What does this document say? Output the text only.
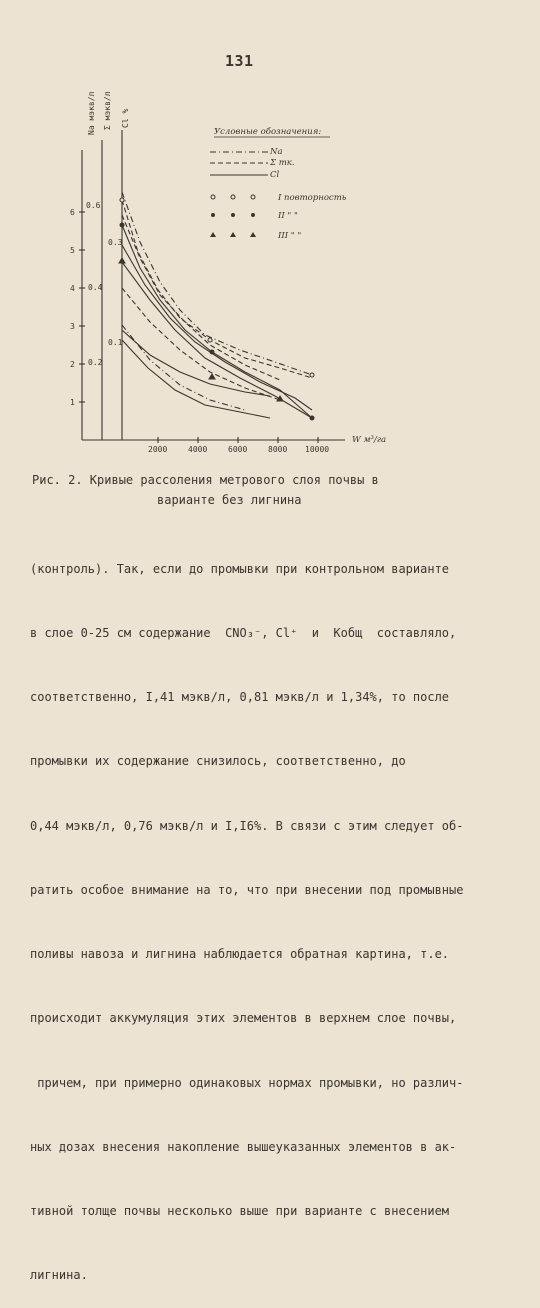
131
Na мэкв/л Σ мэкв/л Cl %
1
2
3
4
5
6
0.1
0.2
0.4
0.3
0.6
2000	4000	6000	8000 10000
W м³/га
Условные обозначения:
Na
Σ тк.
Cl
I повторность
II " "
III " "
Рис. 2. Кривые рассоления метрового слоя почвы в
варианте без лигнина

(контроль). Так, если до промывки при контрольном варианте

в слое 0-25 см содержание  CNO₃⁻, Cl⁺  и  Kобщ  составляло,

соответственно, I,41 мэкв/л, 0,81 мэкв/л и 1,34%, то после

промывки их содержание снизилось, соответственно, до

0,44 мэкв/л, 0,76 мэкв/л и I,I6%. В связи с этим следует об-

ратить особое внимание на то, что при внесении под промывные

поливы навоза и лигнина наблюдается обратная картина, т.е.

происходит аккумуляция этих элементов в верхнем слое почвы,

причем, при примерно одинаковых нормах промывки, но различ-

ных дозах внесения накопление вышеуказанных элементов в ак-

тивной толще почвы несколько выше при варианте с внесением

лигнина.
